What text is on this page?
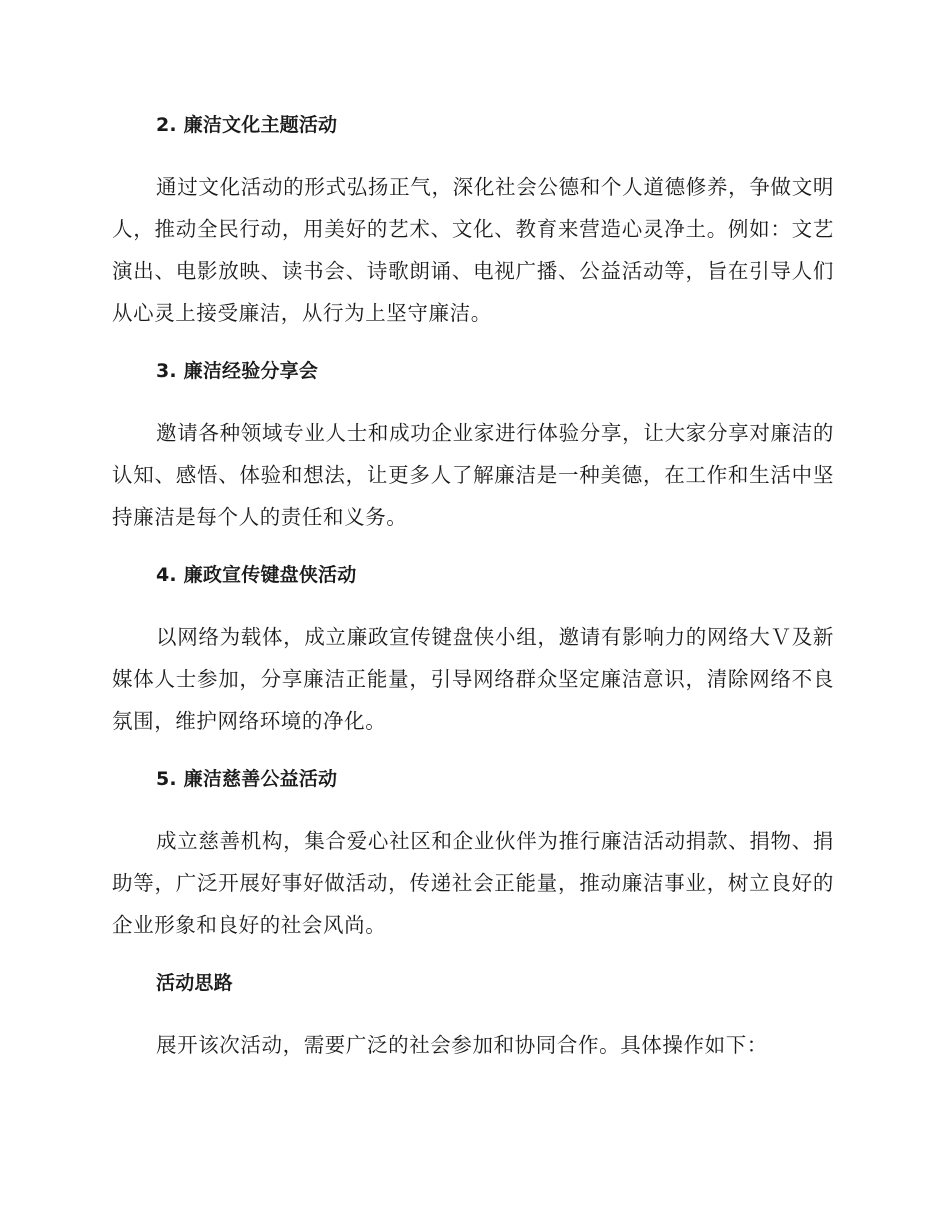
2. 廉洁文化主题活动

通过文化活动的形式弘扬正气，深化社会公德和个人道德修养，争做文明人，推动全民行动，用美好的艺术、文化、教育来营造心灵净土。例如：文艺演出、电影放映、读书会、诗歌朗诵、电视广播、公益活动等，旨在引导人们从心灵上接受廉洁，从行为上坚守廉洁。

3. 廉洁经验分享会

邀请各种领域专业人士和成功企业家进行体验分享，让大家分享对廉洁的认知、感悟、体验和想法，让更多人了解廉洁是一种美德，在工作和生活中坚持廉洁是每个人的责任和义务。

4. 廉政宣传键盘侠活动

以网络为载体，成立廉政宣传键盘侠小组，邀请有影响力的网络大Ｖ及新媒体人士参加，分享廉洁正能量，引导网络群众坚定廉洁意识，清除网络不良氛围，维护网络环境的净化。

5. 廉洁慈善公益活动

成立慈善机构，集合爱心社区和企业伙伴为推行廉洁活动捐款、捐物、捐助等，广泛开展好事好做活动，传递社会正能量，推动廉洁事业，树立良好的企业形象和良好的社会风尚。

活动思路

展开该次活动，需要广泛的社会参加和协同合作。具体操作如下：
